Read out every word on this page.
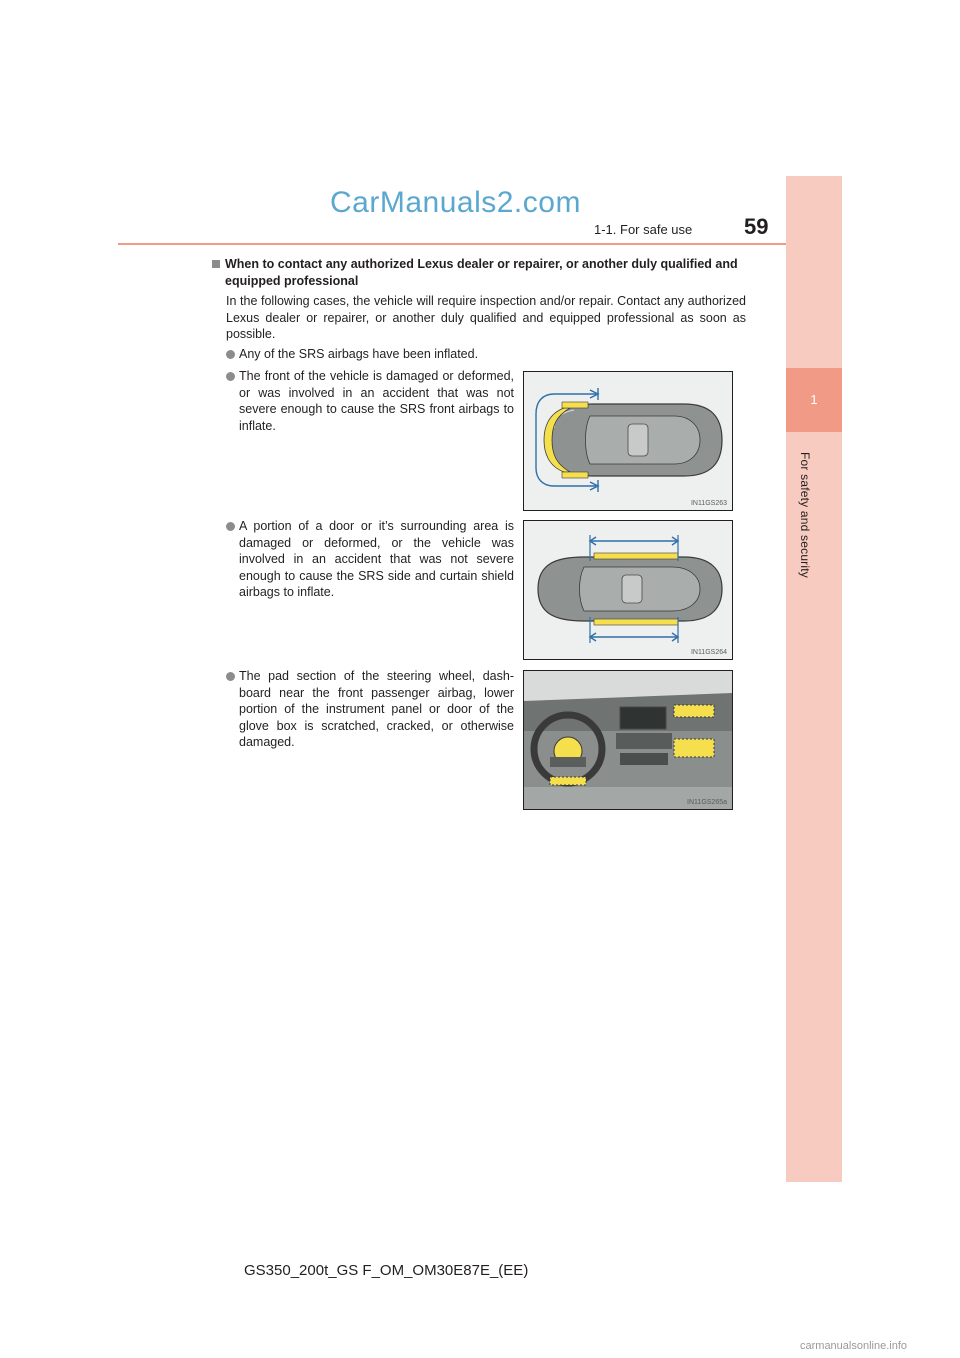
1
For safety and security
CarManuals2.com
1-1. For safe use 59
When to contact any authorized Lexus dealer or repairer, or another duly qualified and equipped professional
In the following cases, the vehicle will require inspection and/or repair. Contact any authorized Lexus dealer or repairer, or another duly qualified and equipped professional as soon as possible.
Any of the SRS airbags have been inflated.
The front of the vehicle is damaged or deformed, or was involved in an accident that was not severe enough to cause the SRS front airbags to inflate.
IN11GS263
A portion of a door or it’s surrounding area is damaged or deformed, or the vehicle was involved in an accident that was not severe enough to cause the SRS side and curtain shield airbags to inflate.
IN11GS264
The pad section of the steering wheel, dash-board near the front passenger airbag, lower portion of the instrument panel or door of the glove box is scratched, cracked, or otherwise damaged.
IN11GS265a
GS350_200t_GS F_OM_OM30E87E_(EE)
carmanualsonline.info
